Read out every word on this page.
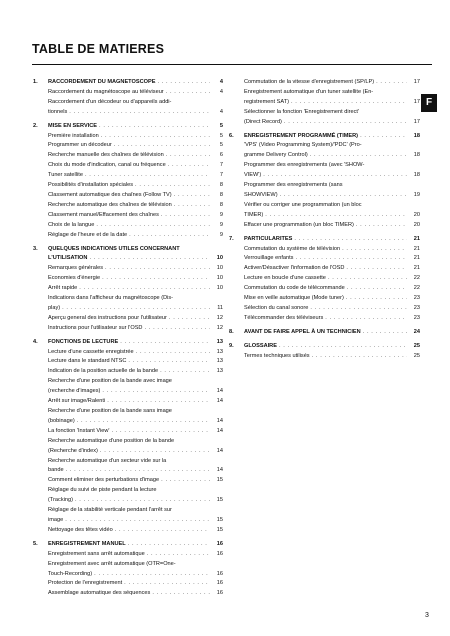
TABLE DE MATIERES
F
1.	RACCORDEMENT DU MAGNETOSCOPE . . .	4
Raccordement du magnétoscope au téléviseur . . .	4
Raccordement d'un décodeur ou d'appareils addi-
tionnels . . .	4
2.	MISE EN SERVICE . . .	5
Première installation . . .	5
Programmer un décodeur . . .	5
Recherche manuelle des chaînes de télévision . . .	6
Choix du mode d'indication, canal ou fréquence . . .	7
Tuner satellite . . .	7
Possibilités d'installation spéciales . . .	8
Classement automatique des chaînes (Follow TV) . . .	8
Recherche automatique des chaînes de télévision . . .	8
Classement manuel/Effacement des chaînes . . .	9
Choix de la langue . . .	9
Réglage de l'heure et de la date . . .	9
3.	QUELQUES INDICATIONS UTILES CONCERNANT
L'UTILISATION . . .	10
Remarques générales . . .	10
Economies d'énergie . . .	10
Arrêt rapide . . .	10
Indications dans l'afficheur du magnétoscope (Dis-
play) . . .	11
Aperçu general des instructions pour l'utilisateur . . .	12
Instructions pour l'utilisateur sur l'OSD . . .	12
4.	FONCTIONS DE LECTURE . . .	13
Lecture d'une cassette enregistrée . . .	13
Lecture dans le standard NTSC . . .	13
Indication de la position actuelle de la bande . . .	13
Recherche d'une position de la bande avec image
(recherche d'images) . . .	14
Arrêt sur image/Ralenti . . .	14
Recherche d'une position de la bande sans image
(bobinage) . . .	14
La fonction 'Instant View' . . .	14
Recherche automatique d'une position de la bande
(Recherche d'index) . . .	14
Recherche automatique d'un secteur vide sur la
bande . . .	14
Comment eliminer des perturbations d'image . . .	15
Réglage du suivi de piste pendant la lecture
(Tracking) . . .	15
Réglage de la stabilité verticale pendant l'arrêt sur
image . . .	15
Nettoyage des têtes vidéo . . .	15
5.	ENREGISTREMENT MANUEL . . .	16
Enregistrement sans arrêt automatique . . .	16
Enregistrement avec arrêt automatique (OTR=One-
Touch-Recording) . . .	16
Protection de l'enregistrement . . .	16
Assemblage automatique des séquences . . .	16
Commutation de la vitesse d'enregistrement (SP/LP) . . .	17
Enregistrement automatique d'un tuner satellite (En-
registrement SAT) . . .	17
Sélectionner la fonction 'Enregistrement direct'
(Direct Record) . . .	17
6.	ENREGISTREMENT PROGRAMMÉ (TIMER) . . .	18
'VPS' (Video Programming System)/'PDC' (Pro-
gramme Delivery Control) . . .	18
Programmer des enregistrements (avec 'SHOW-
VIEW') . . .	18
Programmer des enregistrements (sans
SHOWVIEW) . . .	19
Vérifier ou corriger une programmation (un bloc
TIMER) . . .	20
Effacer une programmation (un bloc TIMER) . . .	20
7.	PARTICULARITES . . .	21
Commutation du système de télévision . . .	21
Verrouillage enfants . . .	21
Activer/Désactiver l'information de l'OSD . . .	21
Lecture en boucle d'une cassette . . .	22
Commutation du code de télécommande . . .	22
Mise en veille automatique (Mode tuner) . . .	23
Sélection du canal sonore . . .	23
Télécommander des téléviseurs . . .	23
8.	AVANT DE FAIRE APPEL À UN TECHNICIEN . . .	24
9.	GLOSSAIRE . . .	25
Termes techniques utilisés . . .	25
3
